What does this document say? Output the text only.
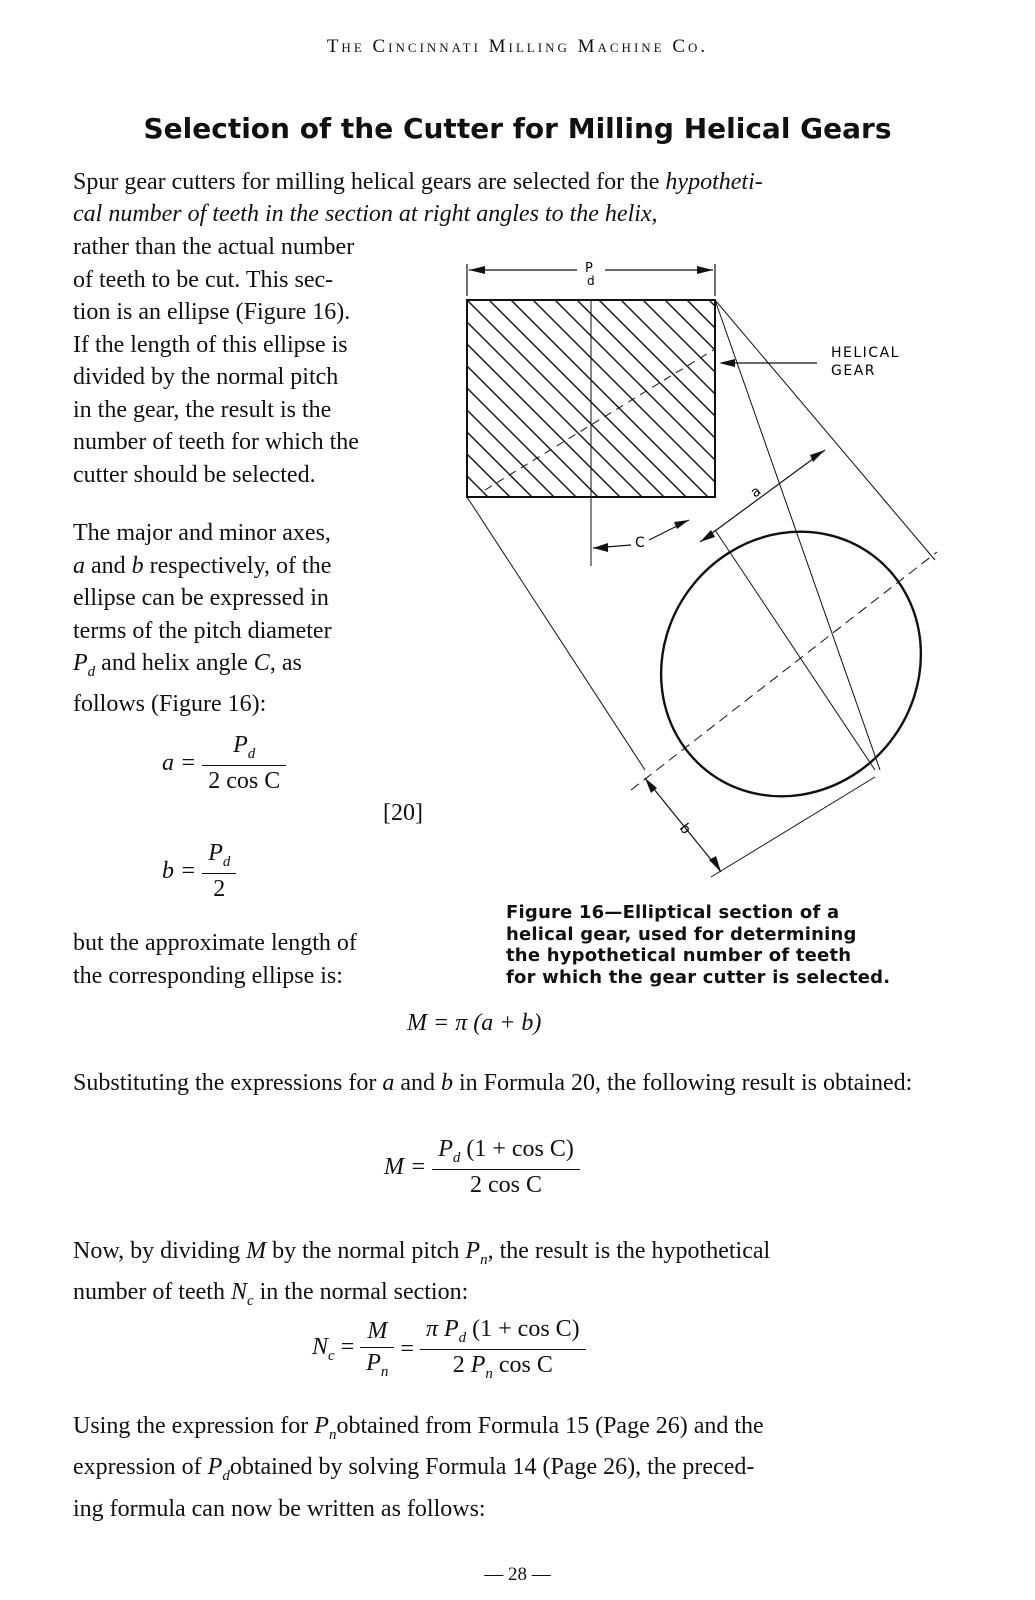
The Cincinnati Milling Machine Co.
Selection of the Cutter for Milling Helical Gears
Spur gear cutters for milling helical gears are selected for the hypotheti-
cal number of teeth in the section at right angles to the helix,
rather than the actual number
of teeth to be cut. This sec-
tion is an ellipse (Figure 16).
If the length of this ellipse is
divided by the normal pitch
in the gear, the result is the
number of teeth for which the
cutter should be selected.
The major and minor axes,
a and b respectively, of the
ellipse can be expressed in
terms of the pitch diameter
$P_d$ and helix angle C, as
follows (Figure 16):
$a = \frac{P_d}{\text{2 cos C}}$
[20]
$b = \frac{P_d}{2}$
but the approximate length of
the corresponding ellipse is:
P
d
HELICAL
GEAR
a
b
C
Figure 16—Elliptical section of a
helical gear, used for determining
the hypothetical number of teeth
for which the gear cutter is selected.
M = π (a + b)
Substituting the expressions for a and b in Formula 20, the following result is obtained:
$M = \frac{P_d (1 + \cos C)}{\text{2 cos C}}$
Now, by dividing M by the normal pitch $P_n$, the result is the hypothetical
number of teeth $N_c$ in the normal section:
$N_c = \frac{M}{P_n} = \frac{\pi P_d (1 + \cos C)}{2 P_n \cos C}$
Using the expression for $P_nobtained$ from Formula 15 (Page 26) and the
expression of $P_dobtained$ by solving Formula 14 (Page 26), the preced-
ing formula can now be written as follows:
— 28 —
